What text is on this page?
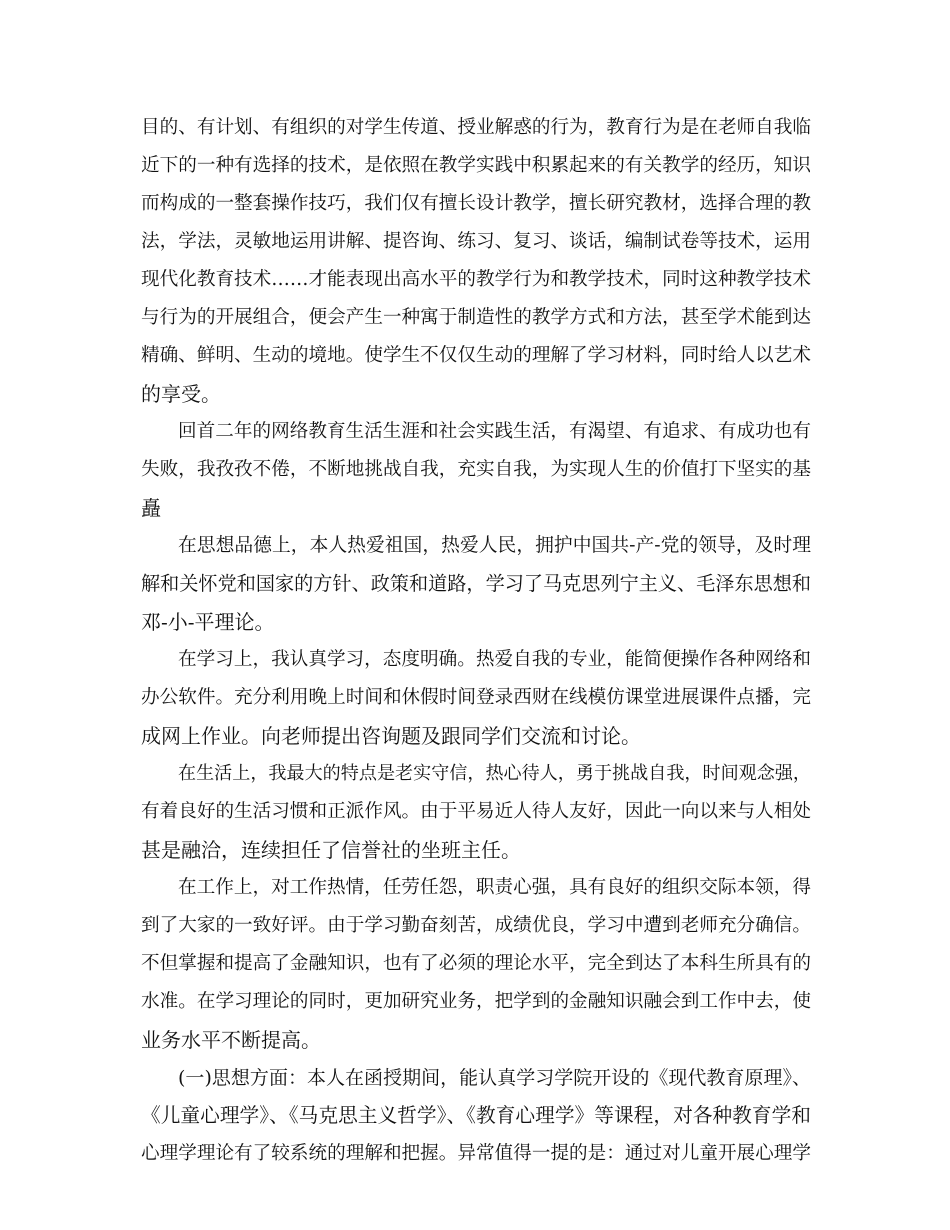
目的、有计划、有组织的对学生传道、授业解惑的行为，教育行为是在老师自我临
近下的一种有选择的技术，是依照在教学实践中积累起来的有关教学的经历，知识
而构成的一整套操作技巧，我们仅有擅长设计教学，擅长研究教材，选择合理的教
法，学法，灵敏地运用讲解、提咨询、练习、复习、谈话，编制试卷等技术，运用
现代化教育技术……才能表现出高水平的教学行为和教学技术，同时这种教学技术
与行为的开展组合，便会产生一种寓于制造性的教学方式和方法，甚至学术能到达
精确、鲜明、生动的境地。使学生不仅仅生动的理解了学习材料，同时给人以艺术
的享受。
回首二年的网络教育生活生涯和社会实践生活，有渴望、有追求、有成功也有
失败，我孜孜不倦，不断地挑战自我，充实自我，为实现人生的价值打下坚实的基
矗
在思想品德上，本人热爱祖国，热爱人民，拥护中国共-产-党的领导，及时理
解和关怀党和国家的方针、政策和道路，学习了马克思列宁主义、毛泽东思想和
邓-小-平理论。
在学习上，我认真学习，态度明确。热爱自我的专业，能简便操作各种网络和
办公软件。充分利用晚上时间和休假时间登录西财在线模仿课堂进展课件点播，完
成网上作业。向老师提出咨询题及跟同学们交流和讨论。
在生活上，我最大的特点是老实守信，热心待人，勇于挑战自我，时间观念强，
有着良好的生活习惯和正派作风。由于平易近人待人友好，因此一向以来与人相处
甚是融洽，连续担任了信誉社的坐班主任。
在工作上，对工作热情，任劳任怨，职责心强，具有良好的组织交际本领，得
到了大家的一致好评。由于学习勤奋刻苦，成绩优良，学习中遭到老师充分确信。
不但掌握和提高了金融知识，也有了必须的理论水平，完全到达了本科生所具有的
水准。在学习理论的同时，更加研究业务，把学到的金融知识融会到工作中去，使
业务水平不断提高。
(一)思想方面：本人在函授期间，能认真学习学院开设的《现代教育原理》、
《儿童心理学》、《马克思主义哲学》、《教育心理学》等课程，对各种教育学和
心理学理论有了较系统的理解和把握。异常值得一提的是：通过对儿童开展心理学
